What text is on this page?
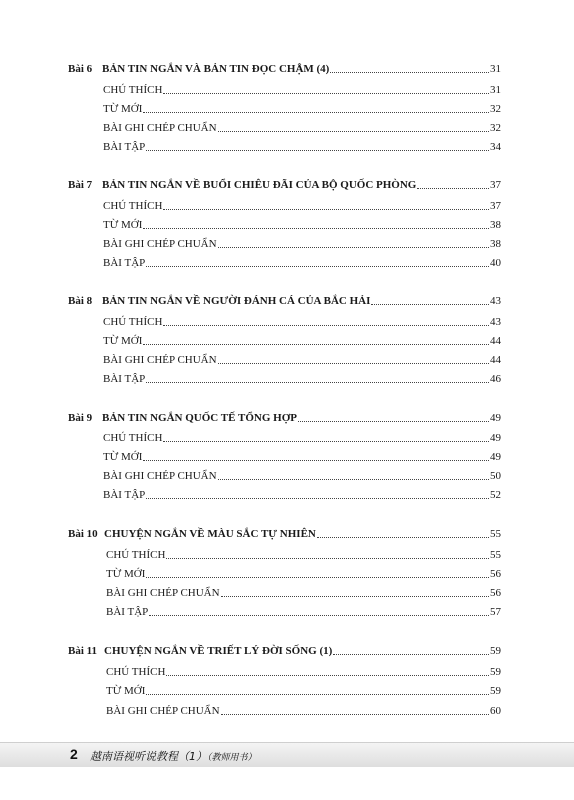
Bài 6 BẢN TIN NGẮN VÀ BẢN TIN ĐỌC CHẬM (4)	31
CHÚ THÍCH	31
TỪ MỚI	32
BÀI GHI CHÉP CHUẨN	32
BÀI TẬP	34
Bài 7 BẢN TIN NGẮN VỀ BUỔI CHIÊU ĐÃI CỦA BỘ QUỐC PHÒNG	37
CHÚ THÍCH	37
TỪ MỚI	38
BÀI GHI CHÉP CHUẨN	38
BÀI TẬP	40
Bài 8 BẢN TIN NGẮN VỀ NGƯỜI ĐÁNH CÁ CỦA BẮC HẢI	43
CHÚ THÍCH	43
TỪ MỚI	44
BÀI GHI CHÉP CHUẨN	44
BÀI TẬP	46
Bài 9 BẢN TIN NGẮN QUỐC TẾ TỔNG HỢP	49
CHÚ THÍCH	49
TỪ MỚI	49
BÀI GHI CHÉP CHUẨN	50
BÀI TẬP	52
Bài 10 CHUYỆN NGẮN VỀ MÀU SẮC TỰ NHIÊN	55
CHÚ THÍCH	55
TỪ MỚI	56
BÀI GHI CHÉP CHUẨN	56
BÀI TẬP	57
Bài 11 CHUYỆN NGẮN VỀ TRIẾT LÝ ĐỜI SỐNG (1)	59
CHÚ THÍCH	59
TỪ MỚI	59
BÀI GHI CHÉP CHUẨN	60
2 越南语视听说教程（1）（教师用书）
